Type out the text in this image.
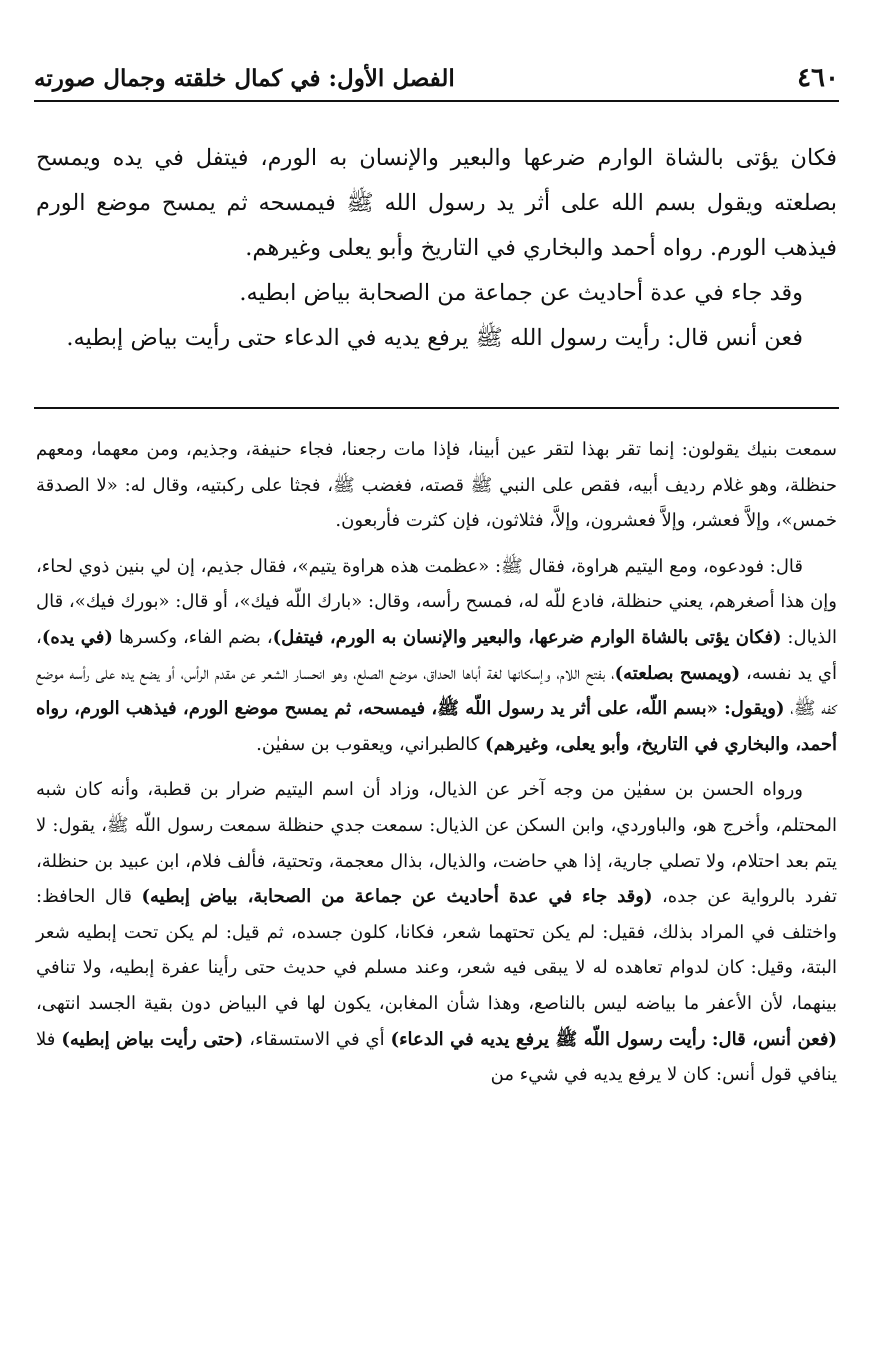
٤٦٠
الفصل الأول: في كمال خلقته وجمال صورته

فكان يؤتى بالشاة الوارم ضرعها والبعير والإنسان به الورم، فيتفل في يده ويمسح بصلعته ويقول بسم الله على أثر يد رسول الله ﷺ فيمسحه ثم يمسح موضع الورم فيذهب الورم. رواه أحمد والبخاري في التاريخ وأبو يعلى وغيرهم.

وقد جاء في عدة أحاديث عن جماعة من الصحابة بياض ابطيه.

فعن أنس قال: رأيت رسول الله ﷺ يرفع يديه في الدعاء حتى رأيت بياض إبطيه.

سمعت بنيك يقولون: إنما تقر بهذا لتقر عين أبينا، فإذا مات رجعنا، فجاء حنيفة، وجذيم، ومن معهما، ومعهم حنظلة، وهو غلام رديف أبيه، فقص على النبي ﷺ قصته، فغضب ﷺ، فجثا على ركبتيه، وقال له: «لا الصدقة خمس»، وإلاَّ فعشر، وإلاَّ فعشرون، وإلاَّ، فثلاثون، فإن كثرت فأربعون.

قال: فودعوه، ومع اليتيم هراوة، فقال ﷺ: «عظمت هذه هراوة يتيم»، فقال جذيم، إن لي بنين ذوي لحاء، وإن هذا أصغرهم، يعني حنظلة، فادع للّه له، فمسح رأسه، وقال: «بارك اللّه فيك»، أو قال: «بورك فيك»، قال الذيال: (فكان يؤتى بالشاة الوارم ضرعها، والبعير والإنسان به الورم، فيتفل)، بضم الفاء، وكسرها (في يده)، أي يد نفسه، (ويمسح بصلعته)، بفتح اللام، وإسكانها لغة أباها الحداق، موضع الصلع، وهو انحسار الشعر عن مقدم الرأس، أو يضع يده على رأسه موضع كفه ﷺ، (ويقول: «بسم اللّه، على أثر يد رسول اللّه ﷺ، فيمسحه، ثم يمسح موضع الورم، فيذهب الورم، رواه أحمد، والبخاري في التاريخ، وأبو يعلى، وغيرهم) كالطبراني، ويعقوب بن سفيٰن.

ورواه الحسن بن سفيٰن من وجه آخر عن الذيال، وزاد أن اسم اليتيم ضرار بن قطبة، وأنه كان شبه المحتلم، وأخرج هو، والباوردي، وابن السكن عن الذيال: سمعت جدي حنظلة سمعت رسول اللّه ﷺ، يقول: لا يتم بعد احتلام، ولا تصلي جارية، إذا هي حاضت، والذيال، بذال معجمة، وتحتية، فألف فلام، ابن عبيد بن حنظلة، تفرد بالرواية عن جده، (وقد جاء في عدة أحاديث عن جماعة من الصحابة، بياض إبطيه) قال الحافظ: واختلف في المراد بذلك، فقيل: لم يكن تحتهما شعر، فكانا، كلون جسده، ثم قيل: لم يكن تحت إبطيه شعر البتة، وقيل: كان لدوام تعاهده له لا يبقى فيه شعر، وعند مسلم في حديث حتى رأينا عفرة إبطيه، ولا تنافي بينهما، لأن الأعفر ما بياضه ليس بالناصع، وهذا شأن المغابن، يكون لها في البياض دون بقية الجسد انتهى، (فعن أنس، قال: رأيت رسول اللّه ﷺ يرفع يديه في الدعاء) أي في الاستسقاء، (حتى رأيت بياض إبطيه) فلا ينافي قول أنس: كان لا يرفع يديه في شيء من
